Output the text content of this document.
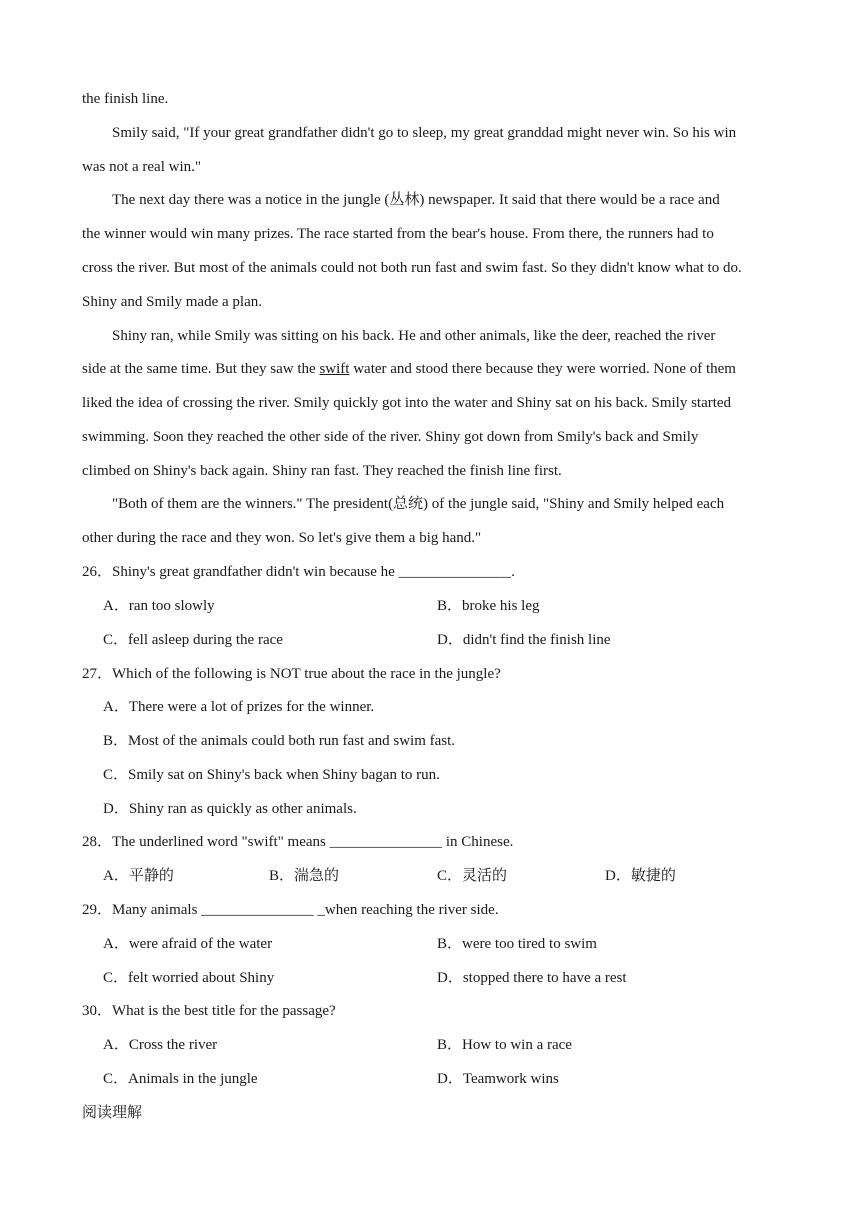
the finish line.
Smily said, "If your great grandfather didn't go to sleep, my great granddad might never win. So his win
was not a real win."
The next day there was a notice in the jungle (丛林) newspaper. It said that there would be a race and
the winner would win many prizes. The race started from the bear's house. From there, the runners had to
cross the river. But most of the animals could not both run fast and swim fast. So they didn't know what to do.
Shiny and Smily made a plan.
Shiny ran, while Smily was sitting on his back. He and other animals, like the deer, reached the river
side at the same time. But they saw the swift water and stood there because they were worried. None of them
liked the idea of crossing the river. Smily quickly got into the water and Shiny sat on his back. Smily started
swimming. Soon they reached the other side of the river. Shiny got down from Smily's back and Smily
climbed on Shiny's back again. Shiny ran fast. They reached the finish line first.
"Both of them are the winners." The president(总统) of the jungle said, "Shiny and Smily helped each
other during the race and they won. So let's give them a big hand."
26．Shiny's great grandfather didn't win because he _______________.
A．ran too slowly	B．broke his leg
C．fell asleep during the race	D．didn't find the finish line
27．Which of the following is NOT true about the race in the jungle?
A．There were a lot of prizes for the winner.
B．Most of the animals could both run fast and swim fast.
C．Smily sat on Shiny's back when Shiny bagan to run.
D．Shiny ran as quickly as other animals.
28．The underlined word "swift" means _______________ in Chinese.
A．平静的	B．湍急的	C．灵活的	D．敏捷的
29．Many animals _______________ _when reaching the river side.
A．were afraid of the water	B．were too tired to swim
C．felt worried about Shiny	D．stopped there to have a rest
30．What is the best title for the passage?
A．Cross the river	B．How to win a race
C．Animals in the jungle	D．Teamwork wins
阅读理解
